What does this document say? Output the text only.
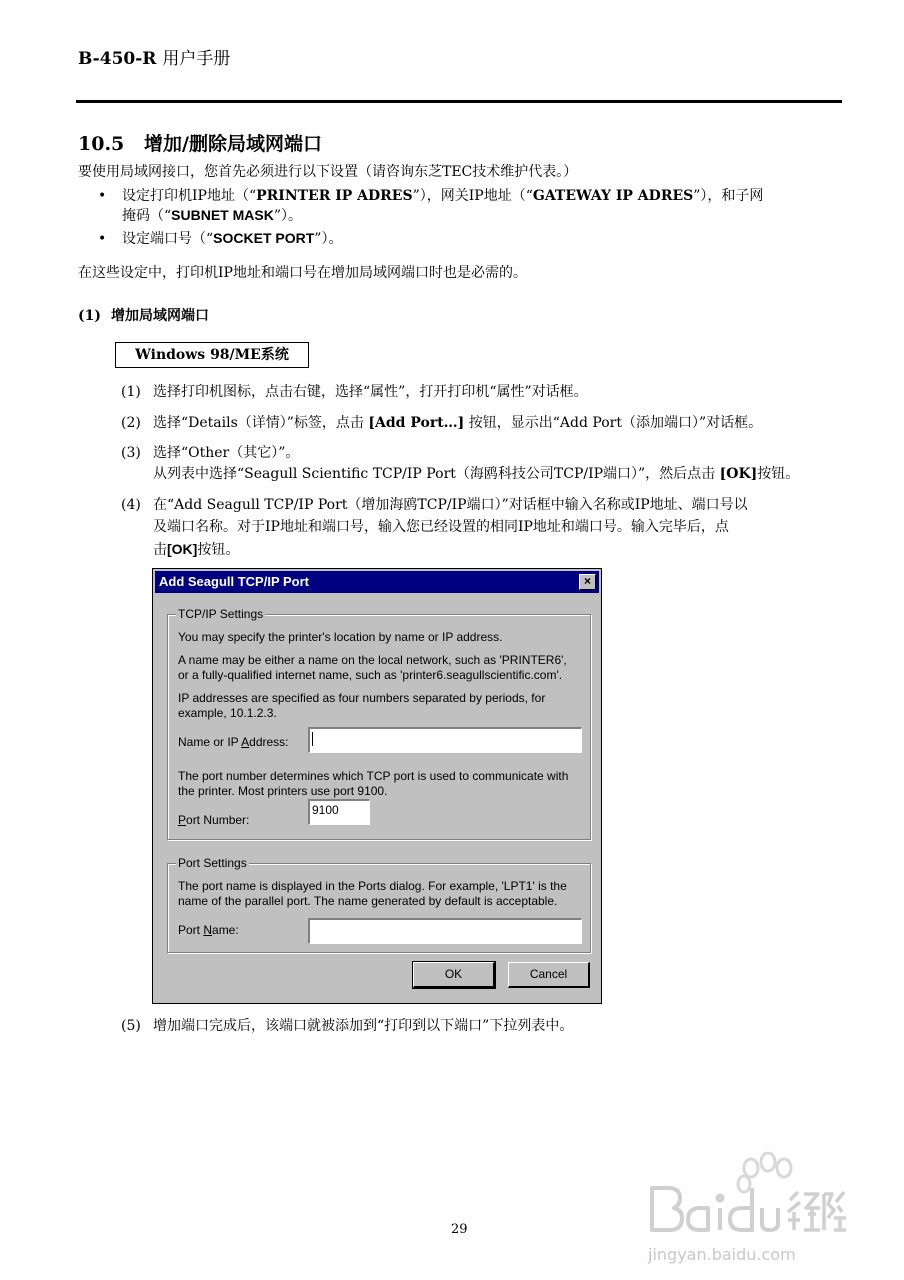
B-450-R 用户手册
10.5 增加/删除局域网端口
要使用局域网接口，您首先必须进行以下设置（请咨询东芝TEC技术维护代表。）
• 设定打印机IP地址（“PRINTER IP ADRES”），网关IP地址（“GATEWAY IP ADRES”），和子网
掩码（“SUBNET MASK”）。
• 设定端口号（“SOCKET PORT”）。
在这些设定中，打印机IP地址和端口号在增加局域网端口时也是必需的。
(1) 增加局域网端口
Windows 98/ME系统
(1) 选择打印机图标，点击右键，选择“属性”，打开打印机“属性”对话框。
(2) 选择“Details（详情）”标签，点击 [Add Port…] 按钮，显示出“Add Port（添加端口）”对话框。
(3) 选择“Other（其它）”。
从列表中选择“Seagull Scientific TCP/IP Port（海鸥科技公司TCP/IP端口）”，然后点击 [OK]按钮。
(4) 在“Add Seagull TCP/IP Port（增加海鸥TCP/IP端口）”对话框中输入名称或IP地址、端口号以
及端口名称。对于IP地址和端口号，输入您已经设置的相同IP地址和端口号。输入完毕后，点
击[OK]按钮。
Add Seagull TCP/IP Port	×
TCP/IP Settings
You may specify the printer's location by name or IP address.
A name may be either a name on the local network, such as 'PRINTER6',
or a fully-qualified internet name, such as 'printer6.seagullscientific.com'.
IP addresses are specified as four numbers separated by periods, for
example, 10.1.2.3.
Name or IP Address:
The port number determines which TCP port is used to communicate with
the printer. Most printers use port 9100.
Port Number:
9100
Port Settings
The port name is displayed in the Ports dialog. For example, 'LPT1' is the
name of the parallel port. The name generated by default is acceptable.
Port Name:
OK	Cancel
(5) 增加端口完成后，该端口就被添加到“打印到以下端口”下拉列表中。
29
jingyan.baidu.com
